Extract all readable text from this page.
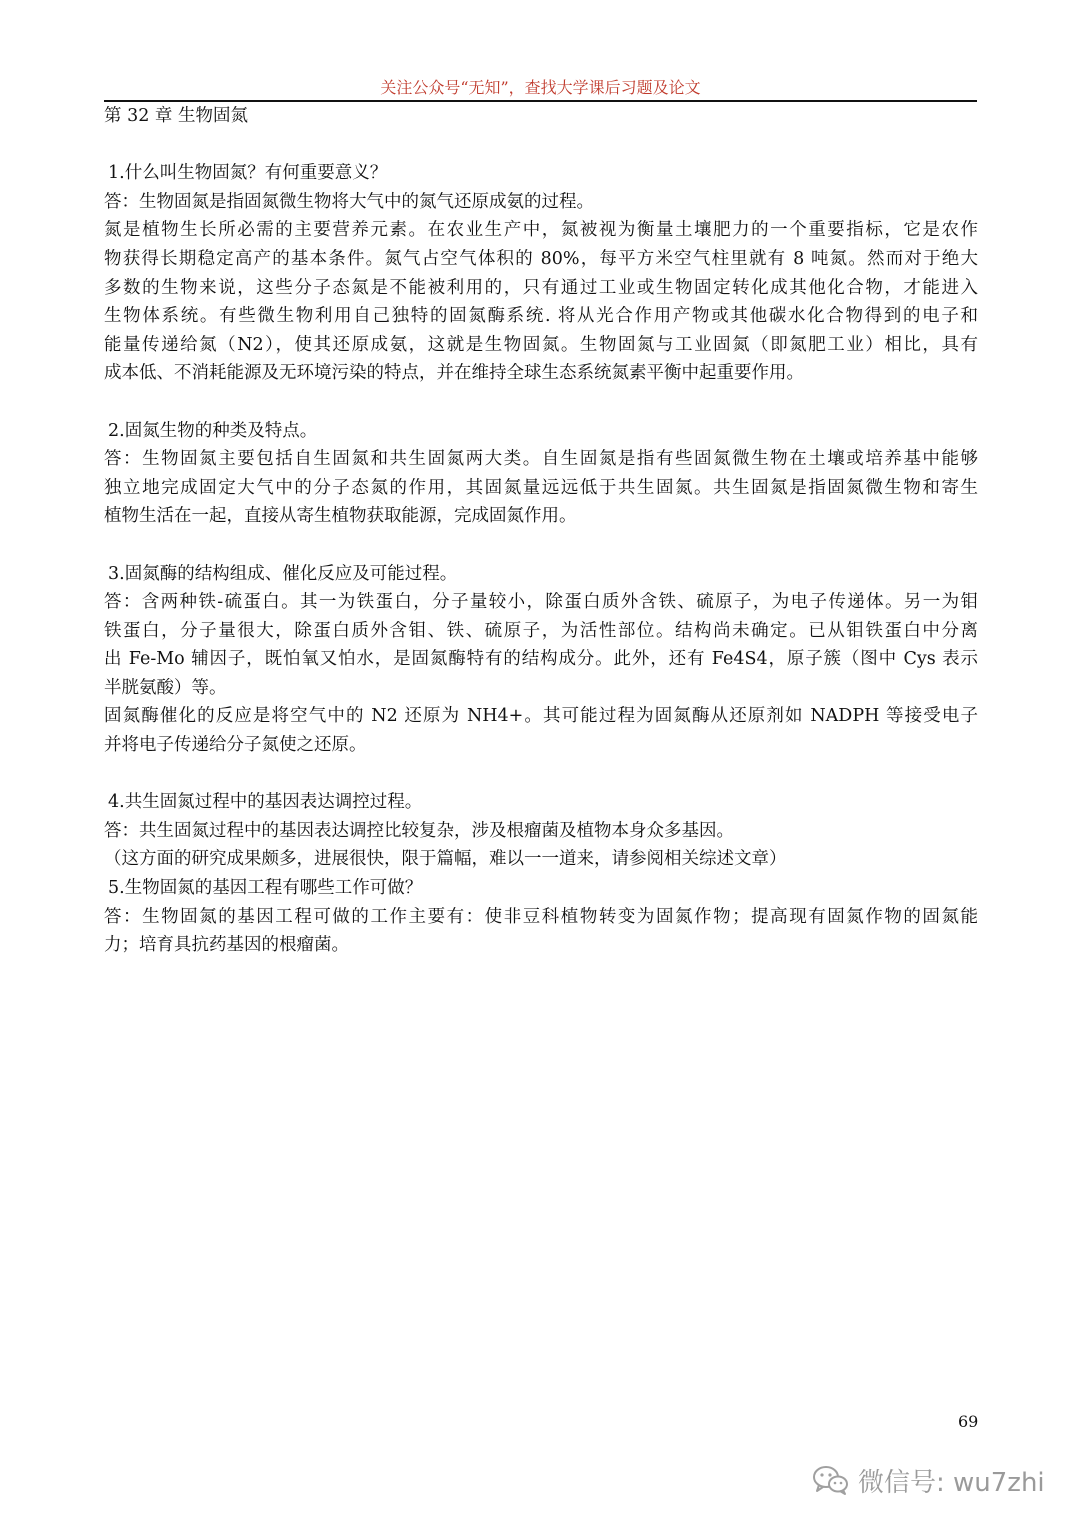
关注公众号“无知”，查找大学课后习题及论文
第 32 章 生物固氮
1.什么叫生物固氮？有何重要意义？
答：生物固氮是指固氮微生物将大气中的氮气还原成氨的过程。
氮是植物生长所必需的主要营养元素。在农业生产中，氮被视为衡量土壤肥力的一个重要指标，它是农作
物获得长期稳定高产的基本条件。氮气占空气体积的 80%，每平方米空气柱里就有 8 吨氮。然而对于绝大
多数的生物来说，这些分子态氮是不能被利用的，只有通过工业或生物固定转化成其他化合物，才能进入
生物体系统。有些微生物利用自己独特的固氮酶系统. 将从光合作用产物或其他碳水化合物得到的电子和
能量传递给氮（N2），使其还原成氨，这就是生物固氮。生物固氮与工业固氮（即氮肥工业）相比，具有
成本低、不消耗能源及无环境污染的特点，并在维持全球生态系统氮素平衡中起重要作用。
2.固氮生物的种类及特点。
答：生物固氮主要包括自生固氮和共生固氮两大类。自生固氮是指有些固氮微生物在土壤或培养基中能够
独立地完成固定大气中的分子态氮的作用，其固氮量远远低于共生固氮。共生固氮是指固氮微生物和寄生
植物生活在一起，直接从寄生植物获取能源，完成固氮作用。
3.固氮酶的结构组成、催化反应及可能过程。
答：含两种铁-硫蛋白。其一为铁蛋白，分子量较小，除蛋白质外含铁、硫原子，为电子传递体。另一为钼
铁蛋白，分子量很大，除蛋白质外含钼、铁、硫原子，为活性部位。结构尚未确定。已从钼铁蛋白中分离
出 Fe-Mo 辅因子，既怕氧又怕水，是固氮酶特有的结构成分。此外，还有 Fe4S4，原子簇（图中 Cys 表示
半胱氨酸）等。
固氮酶催化的反应是将空气中的 N2 还原为 NH4+。其可能过程为固氮酶从还原剂如 NADPH 等接受电子
并将电子传递给分子氮使之还原。
4.共生固氮过程中的基因表达调控过程。
答：共生固氮过程中的基因表达调控比较复杂，涉及根瘤菌及植物本身众多基因。
（这方面的研究成果颇多，进展很快，限于篇幅，难以一一道来，请参阅相关综述文章）
5.生物固氮的基因工程有哪些工作可做？
答：生物固氮的基因工程可做的工作主要有：使非豆科植物转变为固氮作物；提高现有固氮作物的固氮能
力；培育具抗药基因的根瘤菌。
69
微信号: wu7zhi
